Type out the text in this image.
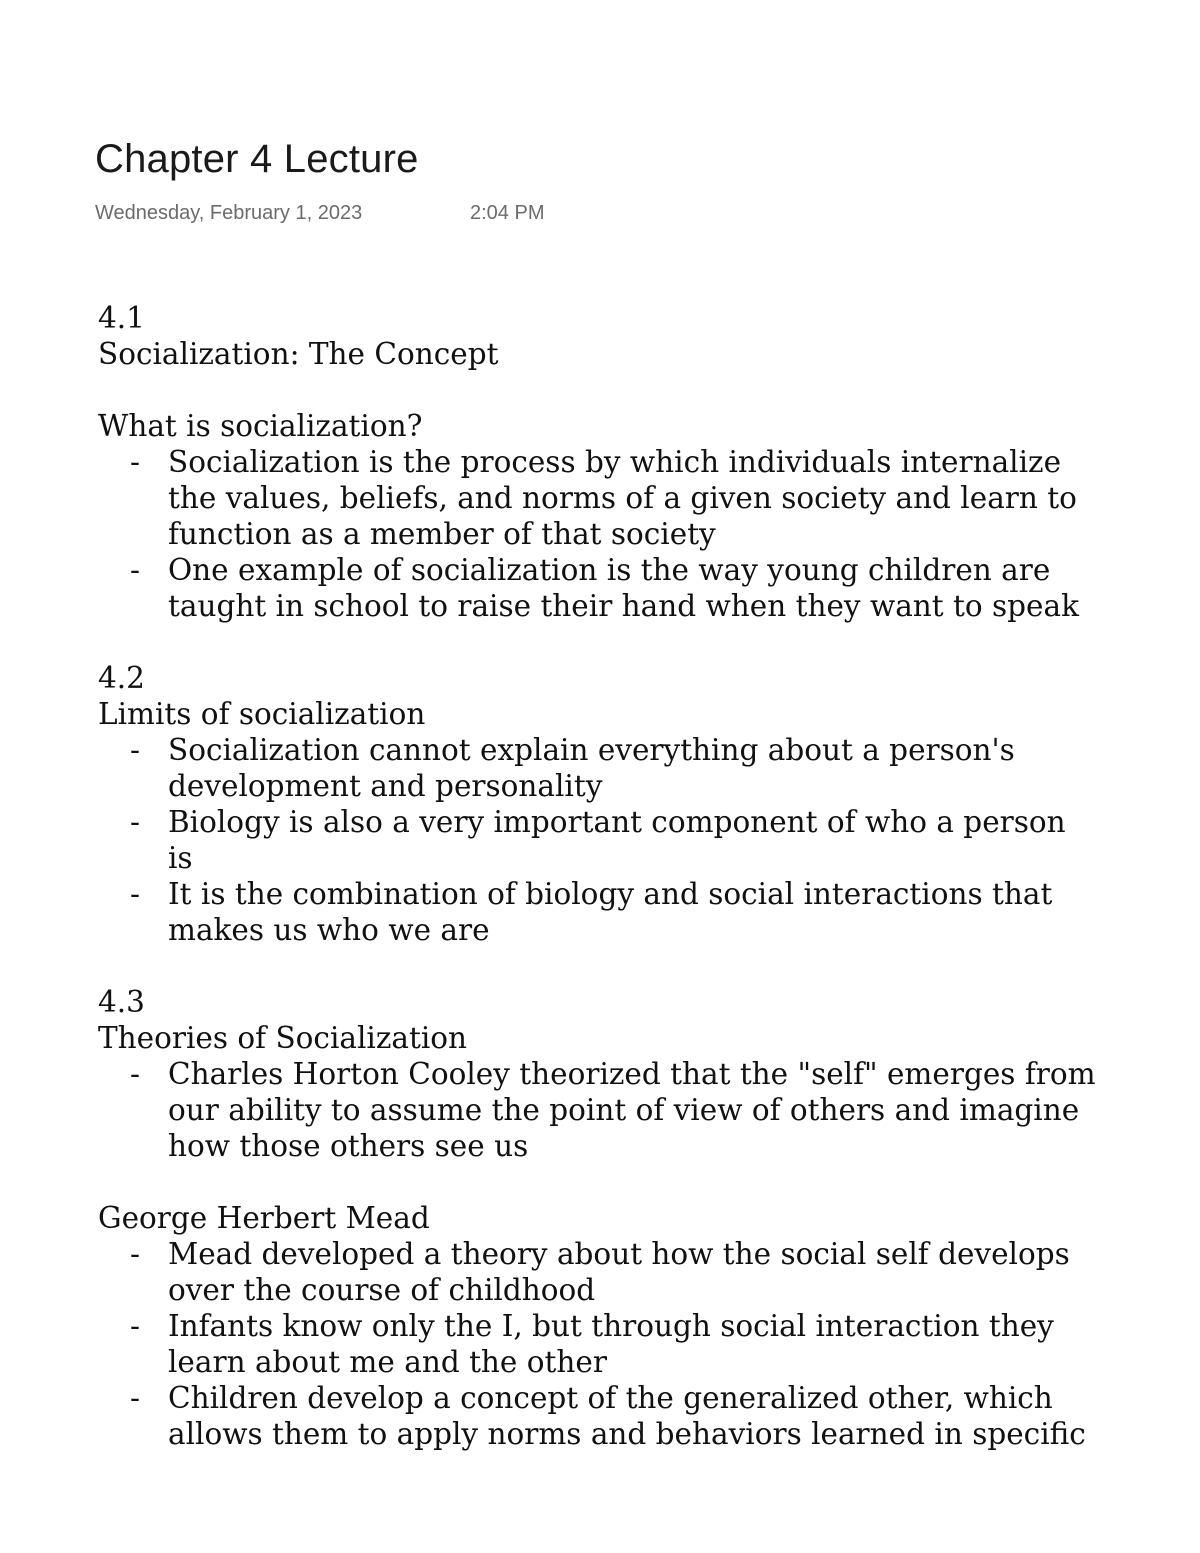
Chapter 4 Lecture
Wednesday, February 1, 2023	2:04 PM
4.1
Socialization: The Concept
What is socialization?
- Socialization is the process by which individuals internalize
the values, beliefs, and norms of a given society and learn to
function as a member of that society
- One example of socialization is the way young children are
taught in school to raise their hand when they want to speak
4.2
Limits of socialization
- Socialization cannot explain everything about a person's
development and personality
- Biology is also a very important component of who a person
is
- It is the combination of biology and social interactions that
makes us who we are
4.3
Theories of Socialization
- Charles Horton Cooley theorized that the "self" emerges from
our ability to assume the point of view of others and imagine
how those others see us
George Herbert Mead
- Mead developed a theory about how the social self develops
over the course of childhood
- Infants know only the I, but through social interaction they
learn about me and the other
- Children develop a concept of the generalized other, which
allows them to apply norms and behaviors learned in specific
